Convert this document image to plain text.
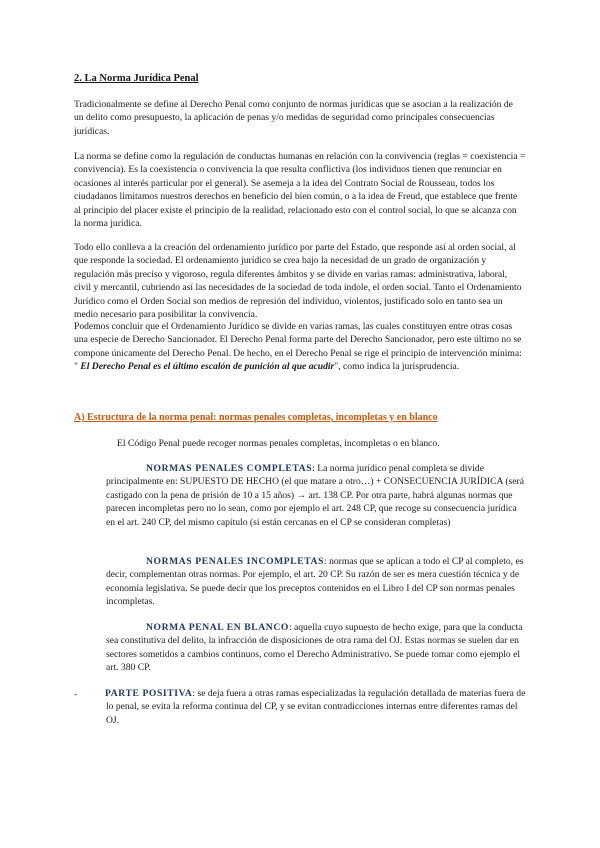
2. La Norma Jurídica Penal

Tradicionalmente se define al Derecho Penal como conjunto de normas jurídicas que se asocian a la realización de un delito como presupuesto, la aplicación de penas y/o medidas de seguridad como principales consecuencias jurídicas.

La norma se define como la regulación de conductas humanas en relación con la convivencia (reglas = coexistencia = convivencia). Es la coexistencia o convivencia la que resulta conflictiva (los individuos tienen que renunciar en ocasiones al interés particular por el general). Se asemeja a la idea del Contrato Social de Rousseau, todos los ciudadanos limitamos nuestros derechos en beneficio del bien común, o a la idea de Freud, que establece que frente al principio del placer existe el principio de la realidad, relacionado esto con el control social, lo que se alcanza con la norma jurídica.

Todo ello conlleva a la creación del ordenamiento jurídico por parte del Estado, que responde así al orden social, al que responde la sociedad. El ordenamiento jurídico se crea bajo la necesidad de un grado de organización y regulación más preciso y vigoroso, regula diferentes ámbitos y se divide en varias ramas: administrativa, laboral, civil y mercantil, cubriendo así las necesidades de la sociedad de toda índole, el orden social. Tanto el Ordenamiento Jurídico como el Orden Social son medios de represión del individuo, violentos, justificado solo en tanto sea un medio necesario para posibilitar la convivencia.

Podemos concluir que el Ordenamiento Jurídico se divide en varias ramas, las cuales constituyen entre otras cosas una especie de Derecho Sancionador. El Derecho Penal forma parte del Derecho Sancionador, pero este último no se compone únicamente del Derecho Penal. De hecho, en el Derecho Penal se rige el principio de intervención mínima: " El Derecho Penal es el último escalón de punición al que acudir", como indica la jurisprudencia.

A) Estructura de la norma penal: normas penales completas, incompletas y en blanco

El Código Penal puede recoger normas penales completas, incompletas o en blanco.

NORMAS PENALES COMPLETAS: La norma jurídico penal completa se divide principalmente en: SUPUESTO DE HECHO (el que matare a otro…) + CONSECUENCIA JURÍDICA (será castigado con la pena de prisión de 10 a 15 años) → art. 138 CP. Por otra parte, habrá algunas normas que parecen incompletas pero no lo sean, como por ejemplo el art. 248 CP, que recoge su consecuencia jurídica en el art. 240 CP, del mismo capítulo (si están cercanas en el CP se consideran completas)

NORMAS PENALES INCOMPLETAS: normas que se aplican a todo el CP al completo, es decir, complementan otras normas. Por ejemplo, el art. 20 CP. Su razón de ser es mera cuestión técnica y de economía legislativa. Se puede decir que los preceptos contenidos en el Libro I del CP son normas penales incompletas.

NORMA PENAL EN BLANCO: aquella cuyo supuesto de hecho exige, para que la conducta sea constitutiva del delito, la infracción de disposiciones de otra rama del OJ. Estas normas se suelen dar en sectores sometidos a cambios continuos, como el Derecho Administrativo. Se puede tomar como ejemplo el art. 380 CP.

-	PARTE POSITIVA: se deja fuera a otras ramas especializadas la regulación detallada de materias fuera de lo penal, se evita la reforma continua del CP, y se evitan contradicciones internas entre diferentes ramas del OJ.
